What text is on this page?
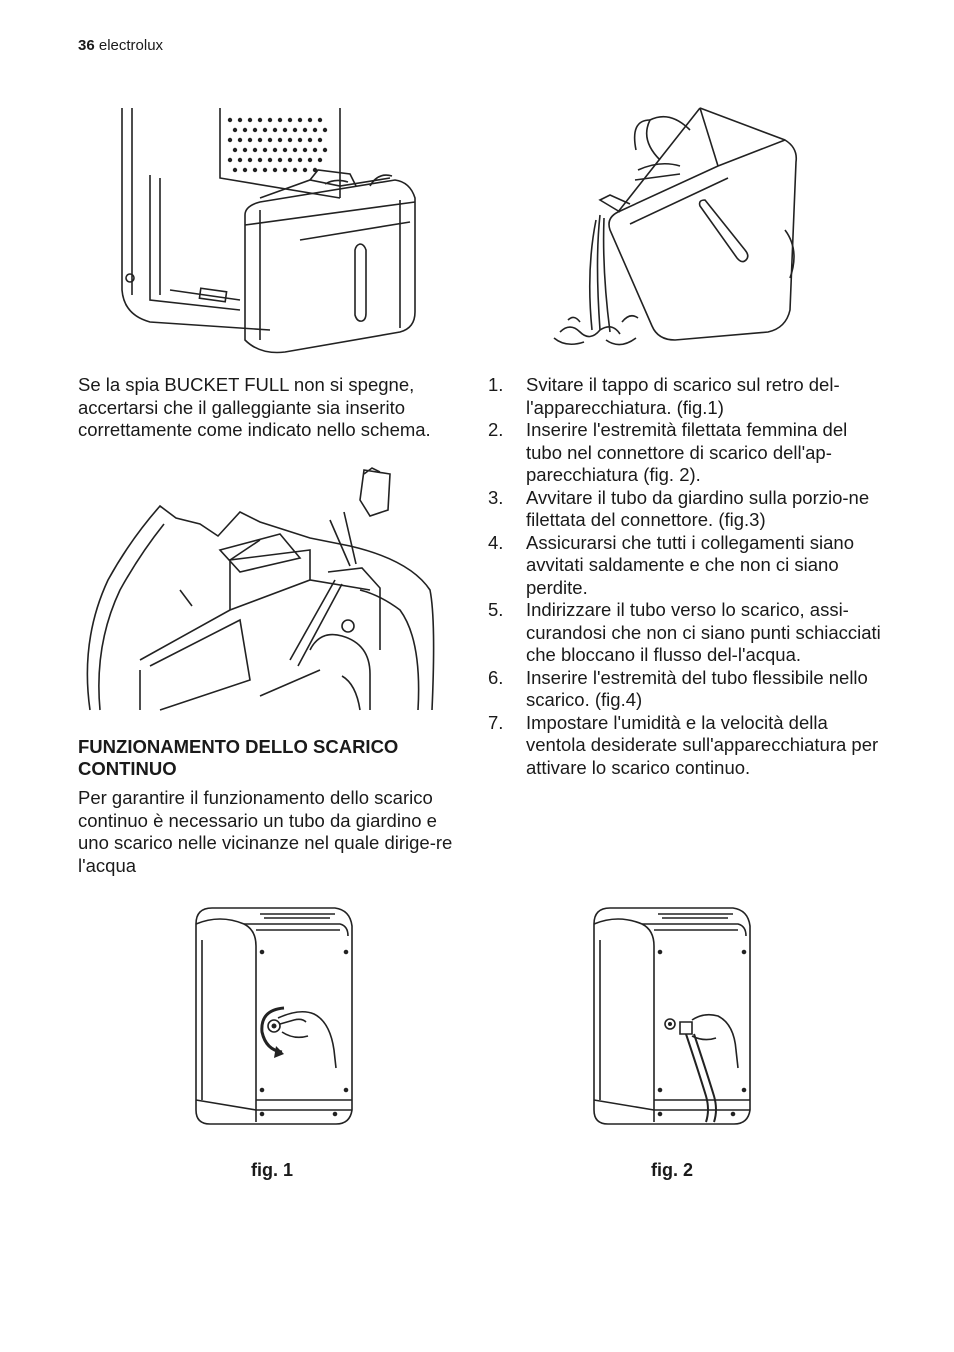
36 electrolux

Se la spia BUCKET FULL non si spegne, accertarsi che il galleggiante sia inserito correttamente come indicato nello schema.

FUNZIONAMENTO DELLO SCARICO CONTINUO

Per garantire il funzionamento dello scarico continuo è necessario un tubo da giardino e uno scarico nelle vicinanze nel quale dirige-re l'acqua

1.	Svitare il tappo di scarico sul retro del-l'apparecchiatura. (fig.1)
2.	Inserire l'estremità filettata femmina del tubo nel connettore di scarico dell'ap-parecchiatura (fig. 2).
3.	Avvitare il tubo da giardino sulla porzio-ne filettata del connettore. (fig.3)
4.	Assicurarsi che tutti i collegamenti siano avvitati saldamente e che non ci siano perdite.
5.	Indirizzare il tubo verso lo scarico, assi-curandosi che non ci siano punti schiacciati che bloccano il flusso del-l'acqua.
6.	Inserire l'estremità del tubo flessibile nello scarico. (fig.4)
7.	Impostare l'umidità e la velocità della ventola desiderate sull'apparecchiatura per attivare lo scarico continuo.
fig. 1	fig. 2
